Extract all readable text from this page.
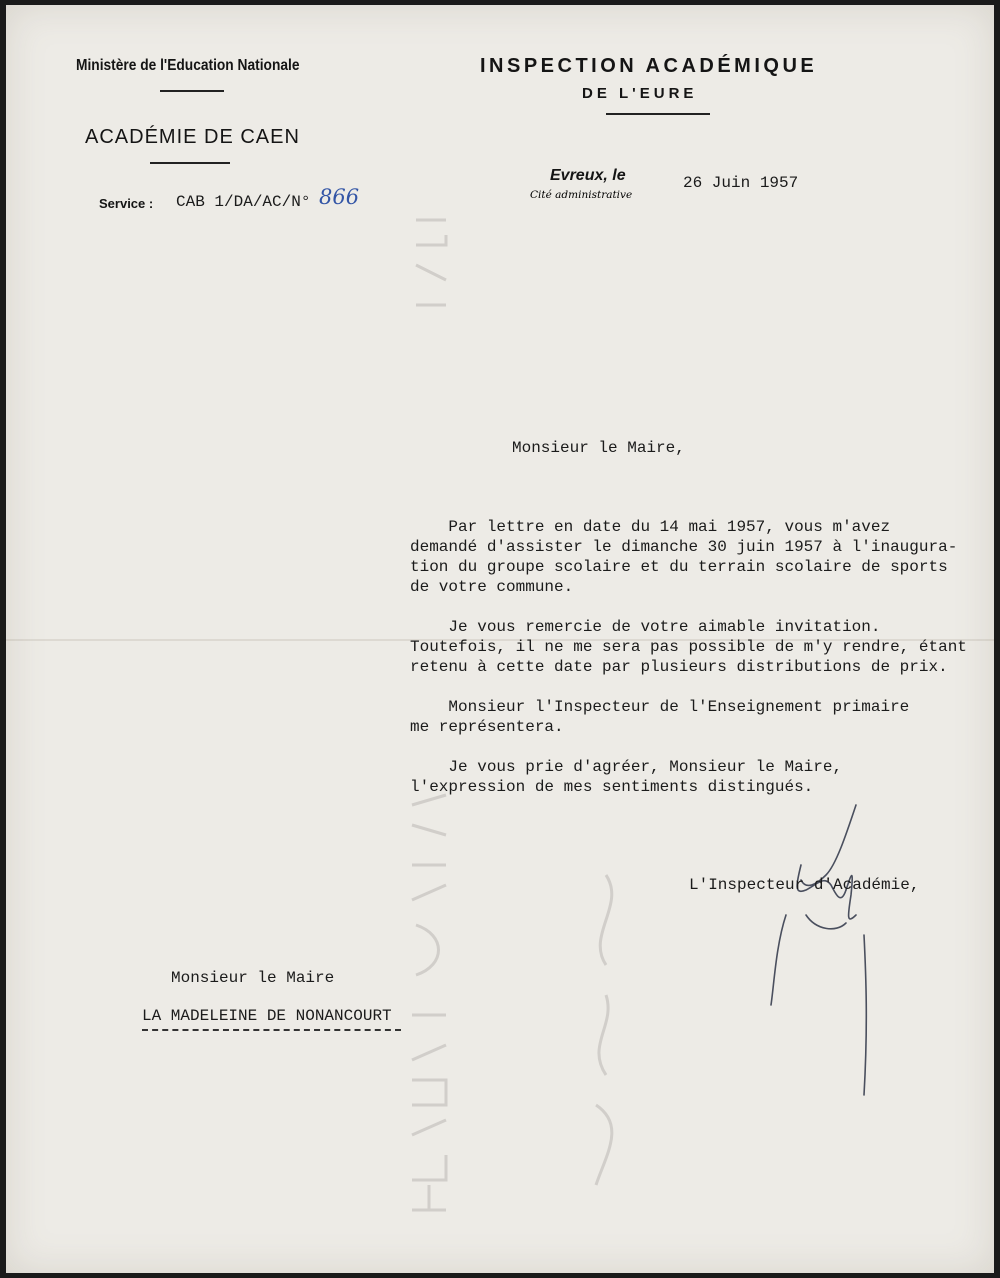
Ministère de l'Education Nationale
ACADÉMIE DE CAEN
Service : CAB 1/DA/AC/N° 866
INSPECTION ACADÉMIQUE
DE L'EURE
Evreux, le
Cité administrative
26 Juin 1957
Monsieur le Maire,
Par lettre en date du 14 mai 1957, vous m'avez
demandé d'assister le dimanche 30 juin 1957 à l'inaugura-
tion du groupe scolaire et du terrain scolaire de sports
de votre commune.
Je vous remercie de votre aimable invitation.
Toutefois, il ne me sera pas possible de m'y rendre, étant
retenu à cette date par plusieurs distributions de prix.
Monsieur l'Inspecteur de l'Enseignement primaire
me représentera.
Je vous prie d'agréer, Monsieur le Maire,
l'expression de mes sentiments distingués.
L'Inspecteur d'Académie,
Monsieur le Maire
LA MADELEINE DE NONANCOURT
